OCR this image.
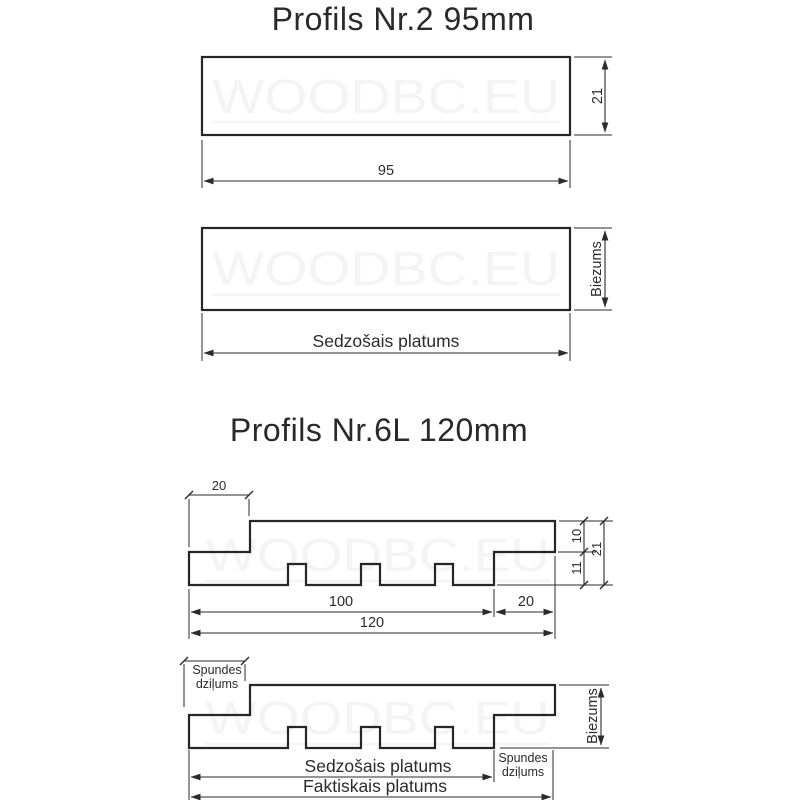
Profils Nr.2 95mm
Profils Nr.6L 120mm
WOODBC.EU
95
21
WOODBC.EU
Sedzošais platums
Biezums
WOODBC.EU
20
100	20
120
10
11
21
WOODBC.EU
Spundes
dziļums
Biezums
Sedzošais platums	Spundes
dziļums
Faktiskais platums
